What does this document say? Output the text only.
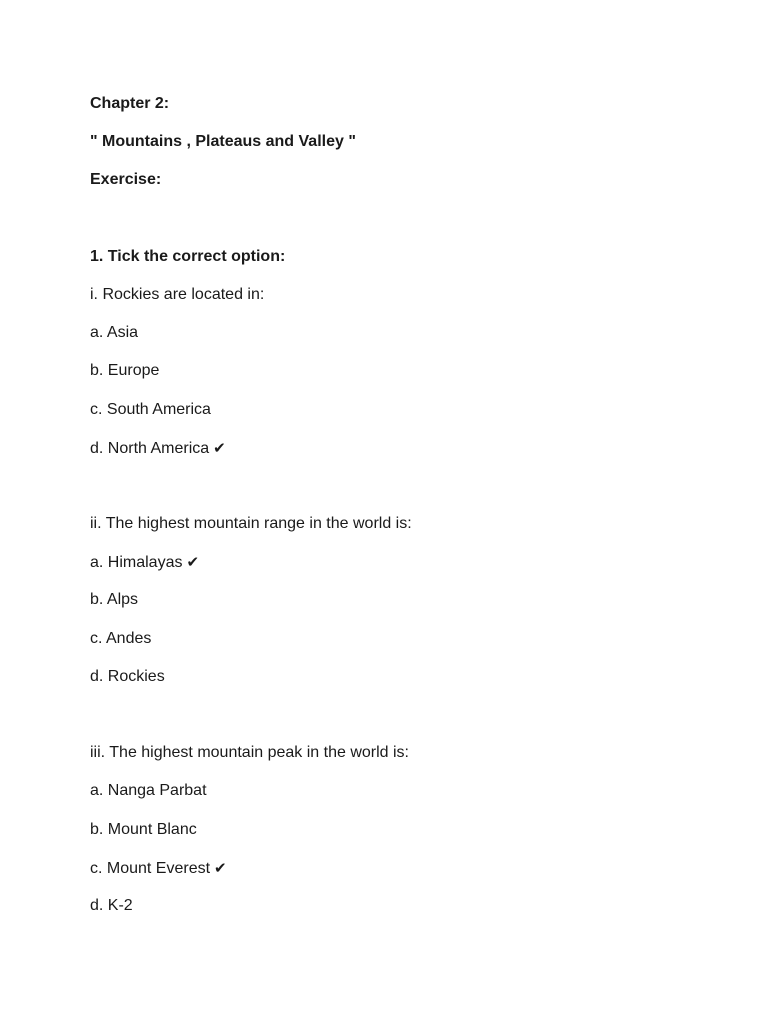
Chapter 2:
" Mountains , Plateaus and Valley "
Exercise:
1. Tick the correct option:
i. Rockies are located in:
a. Asia
b. Europe
c. South America
d. North America ✔
ii. The highest mountain range in the world is:
a. Himalayas ✔
b. Alps
c. Andes
d. Rockies
iii. The highest mountain peak in the world is:
a. Nanga Parbat
b. Mount Blanc
c. Mount Everest ✔
d. K-2
